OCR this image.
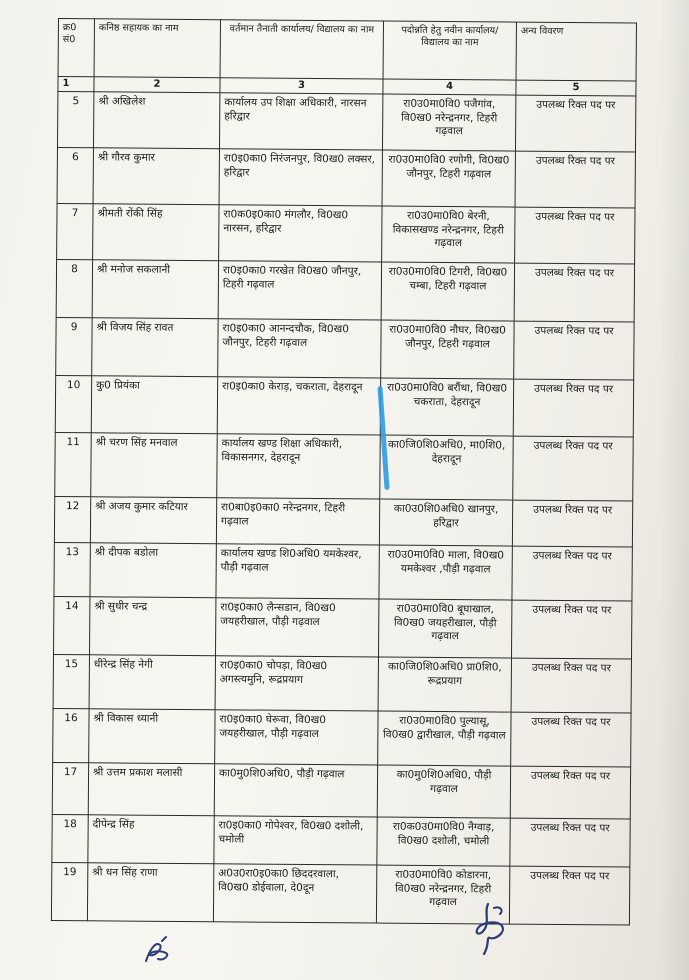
क्र0 सं0	कनिष्ठ सहायक का नाम	वर्तमान तैनाती कार्यालय/ विद्यालय का नाम	पदोन्नति हेतु नवीन कार्यालय/ विद्यालय का नाम	अन्य विवरण
1	2	3	4	5
5	श्री अखिलेश	कार्यालय उप शिक्षा अधिकारी, नारसन हरिद्वार	रा0उ0मा0वि0 पजैगांव, वि0ख0 नरेन्द्रनगर, टिहरी गढ़वाल	उपलब्ध रिक्त पद पर
6	श्री गौरव कुमार	रा0इ0का0 निरंजनपुर, वि0ख0 लक्सर, हरिद्वार	रा0उ0मा0वि0 रणोगी, वि0ख0 जौनपुर, टिहरी गढ़वाल	उपलब्ध रिक्त पद पर
7	श्रीमती रोंकी सिंह	रा0क0इ0का0 मंगलौर, वि0ख0 नारसन, हरिद्वार	रा0उ0मा0वि0 बेरनी, विकासखण्ड नरेन्द्रनगर, टिहरी गढ़वाल	उपलब्ध रिक्त पद पर
8	श्री मनोज सकलानी	रा0इ0का0 गरखेत वि0ख0 जौनपुर, टिहरी गढ़वाल	रा0उ0मा0वि0 टिगरी, वि0ख0 चम्बा, टिहरी गढ़वाल	उपलब्ध रिक्त पद पर
9	श्री विजय सिंह रावत	रा0इ0का0 आनन्दचौक, वि0ख0 जौनपुर, टिहरी गढ़वाल	रा0उ0मा0वि0 नौघर, वि0ख0 जौनपुर, टिहरी गढ़वाल	उपलब्ध रिक्त पद पर
10	कु0 प्रियंका	रा0इ0का0 केराड़, चकराता, देहरादून	रा0उ0मा0वि0 बरौंथा, वि0ख0 चकराता, देहरादून	उपलब्ध रिक्त पद पर
11	श्री चरण सिंह मनवाल	कार्यालय खण्ड शिक्षा अधिकारी, विकासनगर, देहरादून	का0जि0शि0अधि0, मा0शि0, देहरादून	उपलब्ध रिक्त पद पर
12	श्री अजय कुमार कटियार	रा0बा0इ0का0 नरेन्द्रनगर, टिहरी गढ़वाल	का0उ0शि0अधि0 खानपुर, हरिद्वार	उपलब्ध रिक्त पद पर
13	श्री दीपक बडोला	कार्यालय खण्ड शि0अधि0 यमकेश्वर, पौड़ी गढ़वाल	रा0उ0मा0वि0 माला, वि0ख0 यमकेश्वर ,पौड़ी गढ़वाल	उपलब्ध रिक्त पद पर
14	श्री सुधीर चन्द्र	रा0इ0का0 लैन्सडान, वि0ख0 जयहरीखाल, पौड़ी गढ़वाल	रा0उ0मा0वि0 बूघाखाल, वि0ख0 जयहरीखाल, पौड़ी गढ़वाल	उपलब्ध रिक्त पद पर
15	धीरेन्द्र सिंह नेगी	रा0इ0का0 चोपड़ा, वि0ख0 अगस्त्यमुनि, रूद्रप्रयाग	का0जि0शि0अधि0 प्रा0शि0, रूद्रप्रयाग	उपलब्ध रिक्त पद पर
16	श्री विकास ध्यानी	रा0इ0का0 घेरूवा, वि0ख0 जयहरीखाल, पौड़ी गढ़वाल	रा0उ0मा0वि0 पुल्यासू, वि0ख0 द्वारीखाल, पौड़ी गढ़वाल	उपलब्ध रिक्त पद पर
17	श्री उत्तम प्रकाश मलासी	का0मु0शि0अधि0, पौड़ी गढ़वाल	का0मु0शि0अधि0, पौड़ी गढ़वाल	उपलब्ध रिक्त पद पर
18	दीपेन्द्र सिंह	रा0इ0का0 गोपेश्वर, वि0ख0 दशोली, चमोली	रा0क0उ0मा0वि0 नैग्वाड़, वि0ख0 दशोली, चमोली	उपलब्ध रिक्त पद पर
19	श्री धन सिंह राणा	अ0उ0रा0इ0का0 छिददरवाला, वि0ख0 डोईवाला, दे0दून	रा0उ0मा0वि0 कोडारना, वि0ख0 नरेन्द्रनगर, टिहरी गढ़वाल	उपलब्ध रिक्त पद पर
